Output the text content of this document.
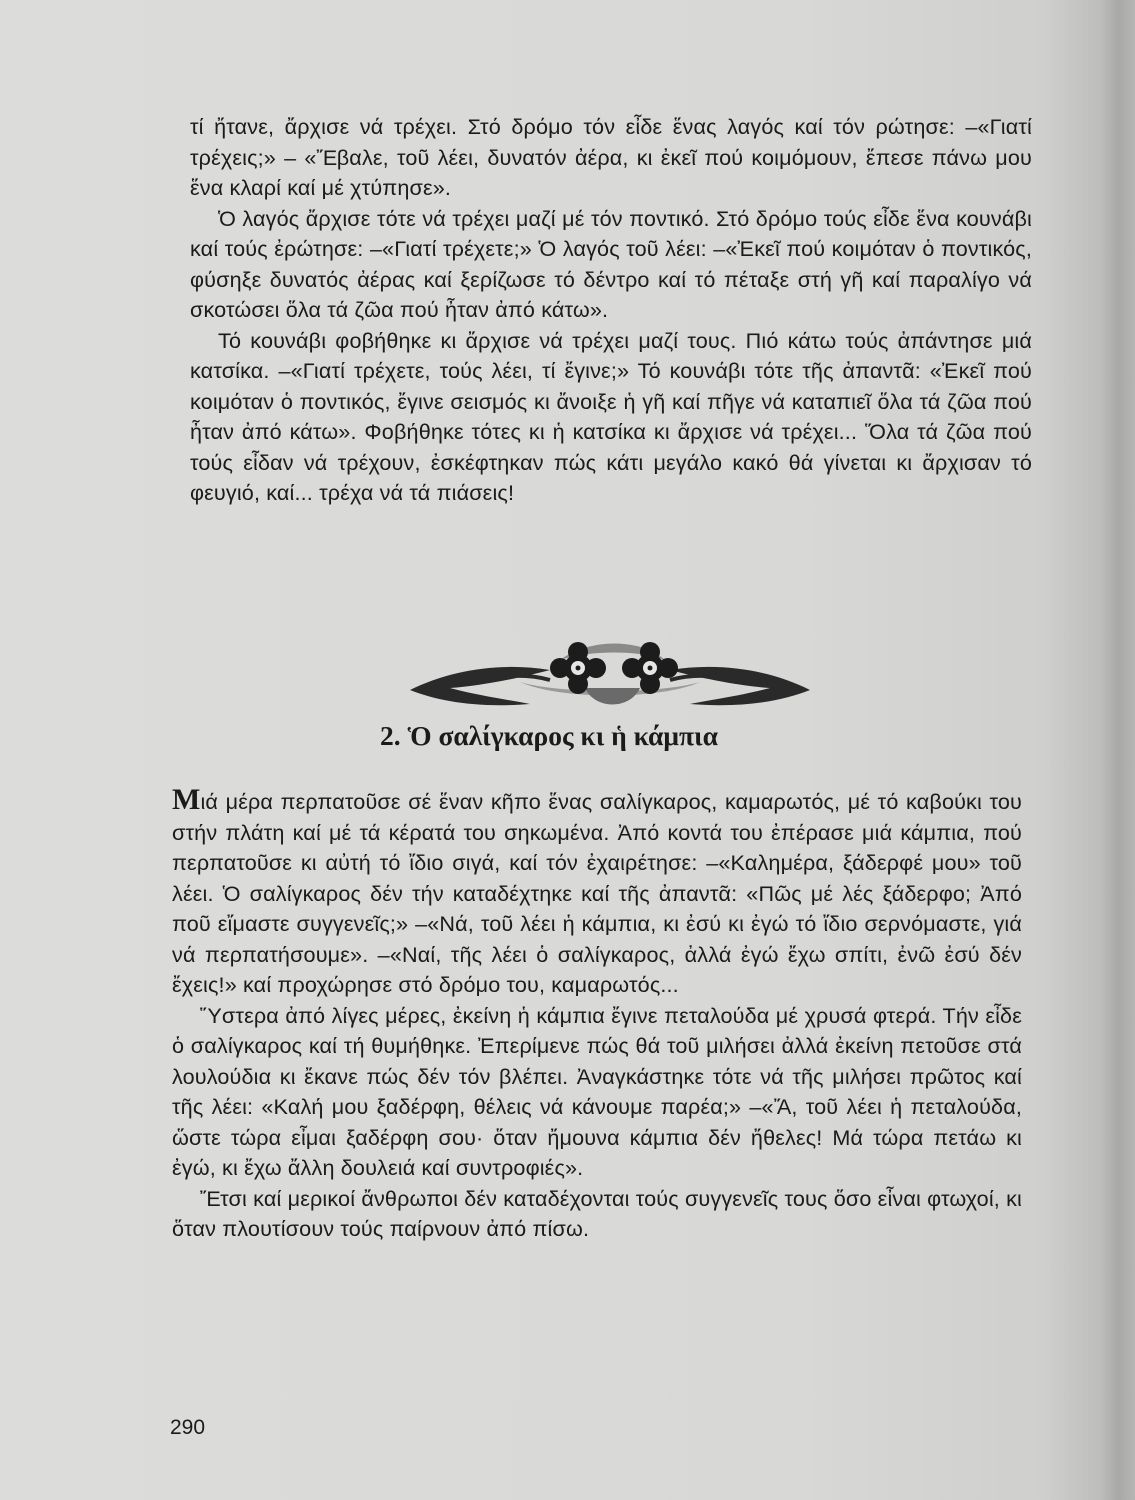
τί ἤτανε, ἄρχισε νά τρέχει. Στό δρόμο τόν εἶδε ἕνας λαγός καί τόν ρώτησε: –«Γιατί τρέχεις;» – «Ἔβαλε, τοῦ λέει, δυνατόν ἀέρα, κι ἐκεῖ πού κοιμόμουν, ἔπεσε πάνω μου ἕνα κλαρί καί μέ χτύπησε».

Ὁ λαγός ἄρχισε τότε νά τρέχει μαζί μέ τόν ποντικό. Στό δρόμο τούς εἶδε ἕνα κουνάβι καί τούς ἐρώτησε: –«Γιατί τρέχετε;» Ὁ λαγός τοῦ λέει: –«Ἐκεῖ πού κοιμόταν ὁ ποντικός, φύσηξε δυνατός ἀέρας καί ξερίζωσε τό δέντρο καί τό πέταξε στή γῆ καί παραλίγο νά σκοτώσει ὅλα τά ζῶα πού ἦταν ἀπό κάτω».

Τό κουνάβι φοβήθηκε κι ἄρχισε νά τρέχει μαζί τους. Πιό κάτω τούς ἀπάντησε μιά κατσίκα. –«Γιατί τρέχετε, τούς λέει, τί ἔγινε;» Τό κουνάβι τότε τῆς ἀπαντᾶ: «Ἐκεῖ πού κοιμόταν ὁ ποντικός, ἔγινε σεισμός κι ἄνοιξε ἡ γῆ καί πῆγε νά καταπιεῖ ὅλα τά ζῶα πού ἦταν ἀπό κάτω». Φοβήθηκε τότες κι ἡ κατσίκα κι ἄρχισε νά τρέχει... Ὅλα τά ζῶα πού τούς εἶδαν νά τρέχουν, ἐσκέφτηκαν πώς κάτι μεγάλο κακό θά γίνεται κι ἄρχισαν τό φευγιό, καί... τρέχα νά τά πιάσεις!

2. Ὁ σαλίγκαρος κι ἡ κάμπια

Μιά μέρα περπατοῦσε σέ ἕναν κῆπο ἕνας σαλίγκαρος, καμαρωτός, μέ τό καβούκι του στήν πλάτη καί μέ τά κέρατά του σηκωμένα. Ἀπό κοντά του ἐπέρασε μιά κάμπια, πού περπατοῦσε κι αὐτή τό ἴδιο σιγά, καί τόν ἐχαιρέτησε: –«Καλημέρα, ξάδερφέ μου» τοῦ λέει. Ὁ σαλίγκαρος δέν τήν καταδέχτηκε καί τῆς ἀπαντᾶ: «Πῶς μέ λές ξάδερφο; Ἀπό ποῦ εἴμαστε συγγενεῖς;» –«Νά, τοῦ λέει ἡ κάμπια, κι ἐσύ κι ἐγώ τό ἴδιο σερνόμαστε, γιά νά περπατήσουμε». –«Ναί, τῆς λέει ὁ σαλίγκαρος, ἀλλά ἐγώ ἔχω σπίτι, ἐνῶ ἐσύ δέν ἔχεις!» καί προχώρησε στό δρόμο του, καμαρωτός...

Ὕστερα ἀπό λίγες μέρες, ἐκείνη ἡ κάμπια ἔγινε πεταλούδα μέ χρυσά φτερά. Τήν εἶδε ὁ σαλίγκαρος καί τή θυμήθηκε. Ἐπερίμενε πώς θά τοῦ μιλήσει ἀλλά ἐκείνη πετοῦσε στά λουλούδια κι ἔκανε πώς δέν τόν βλέπει. Ἀναγκάστηκε τότε νά τῆς μιλήσει πρῶτος καί τῆς λέει: «Καλή μου ξαδέρφη, θέλεις νά κάνουμε παρέα;» –«Ἄ, τοῦ λέει ἡ πεταλούδα, ὥστε τώρα εἶμαι ξαδέρφη σου· ὅταν ἤμουνα κάμπια δέν ἤθελες! Μά τώρα πετάω κι ἐγώ, κι ἔχω ἄλλη δουλειά καί συντροφιές».

Ἔτσι καί μερικοί ἄνθρωποι δέν καταδέχονται τούς συγγενεῖς τους ὅσο εἶναι φτωχοί, κι ὅταν πλουτίσουν τούς παίρνουν ἀπό πίσω.

290
